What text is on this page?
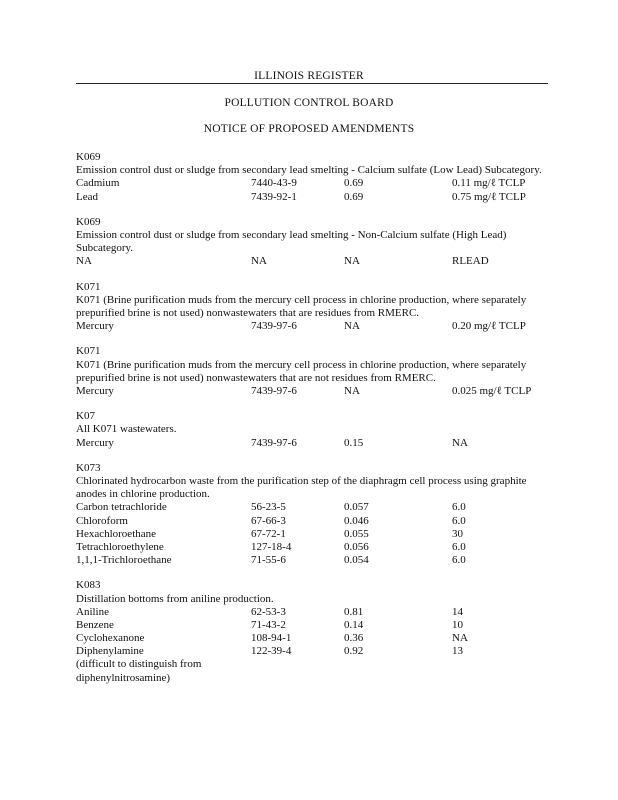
ILLINOIS REGISTER
POLLUTION CONTROL BOARD
NOTICE OF PROPOSED AMENDMENTS
K069
Emission control dust or sludge from secondary lead smelting - Calcium sulfate (Low Lead) Subcategory.
Cadmium	7440-43-9	0.69	0.11 mg/ℓ TCLP
Lead	7439-92-1	0.69	0.75 mg/ℓ TCLP
K069
Emission control dust or sludge from secondary lead smelting - Non-Calcium sulfate (High Lead) Subcategory.
NA	NA	NA	RLEAD
K071
K071 (Brine purification muds from the mercury cell process in chlorine production, where separately prepurified brine is not used) nonwastewaters that are residues from RMERC.
Mercury	7439-97-6	NA	0.20 mg/ℓ TCLP
K071
K071 (Brine purification muds from the mercury cell process in chlorine production, where separately prepurified brine is not used) nonwastewaters that are not residues from RMERC.
Mercury	7439-97-6	NA	0.025 mg/ℓ TCLP
K07
All K071 wastewaters.
Mercury	7439-97-6	0.15	NA
K073
Chlorinated hydrocarbon waste from the purification step of the diaphragm cell process using graphite anodes in chlorine production.
Carbon tetrachloride	56-23-5	0.057	6.0
Chloroform	67-66-3	0.046	6.0
Hexachloroethane	67-72-1	0.055	30
Tetrachloroethylene	127-18-4	0.056	6.0
1,1,1-Trichloroethane	71-55-6	0.054	6.0
K083
Distillation bottoms from aniline production.
Aniline	62-53-3	0.81	14
Benzene	71-43-2	0.14	10
Cyclohexanone	108-94-1	0.36	NA
Diphenylamine	122-39-4	0.92	13
(difficult to distinguish from
diphenylnitrosamine)
